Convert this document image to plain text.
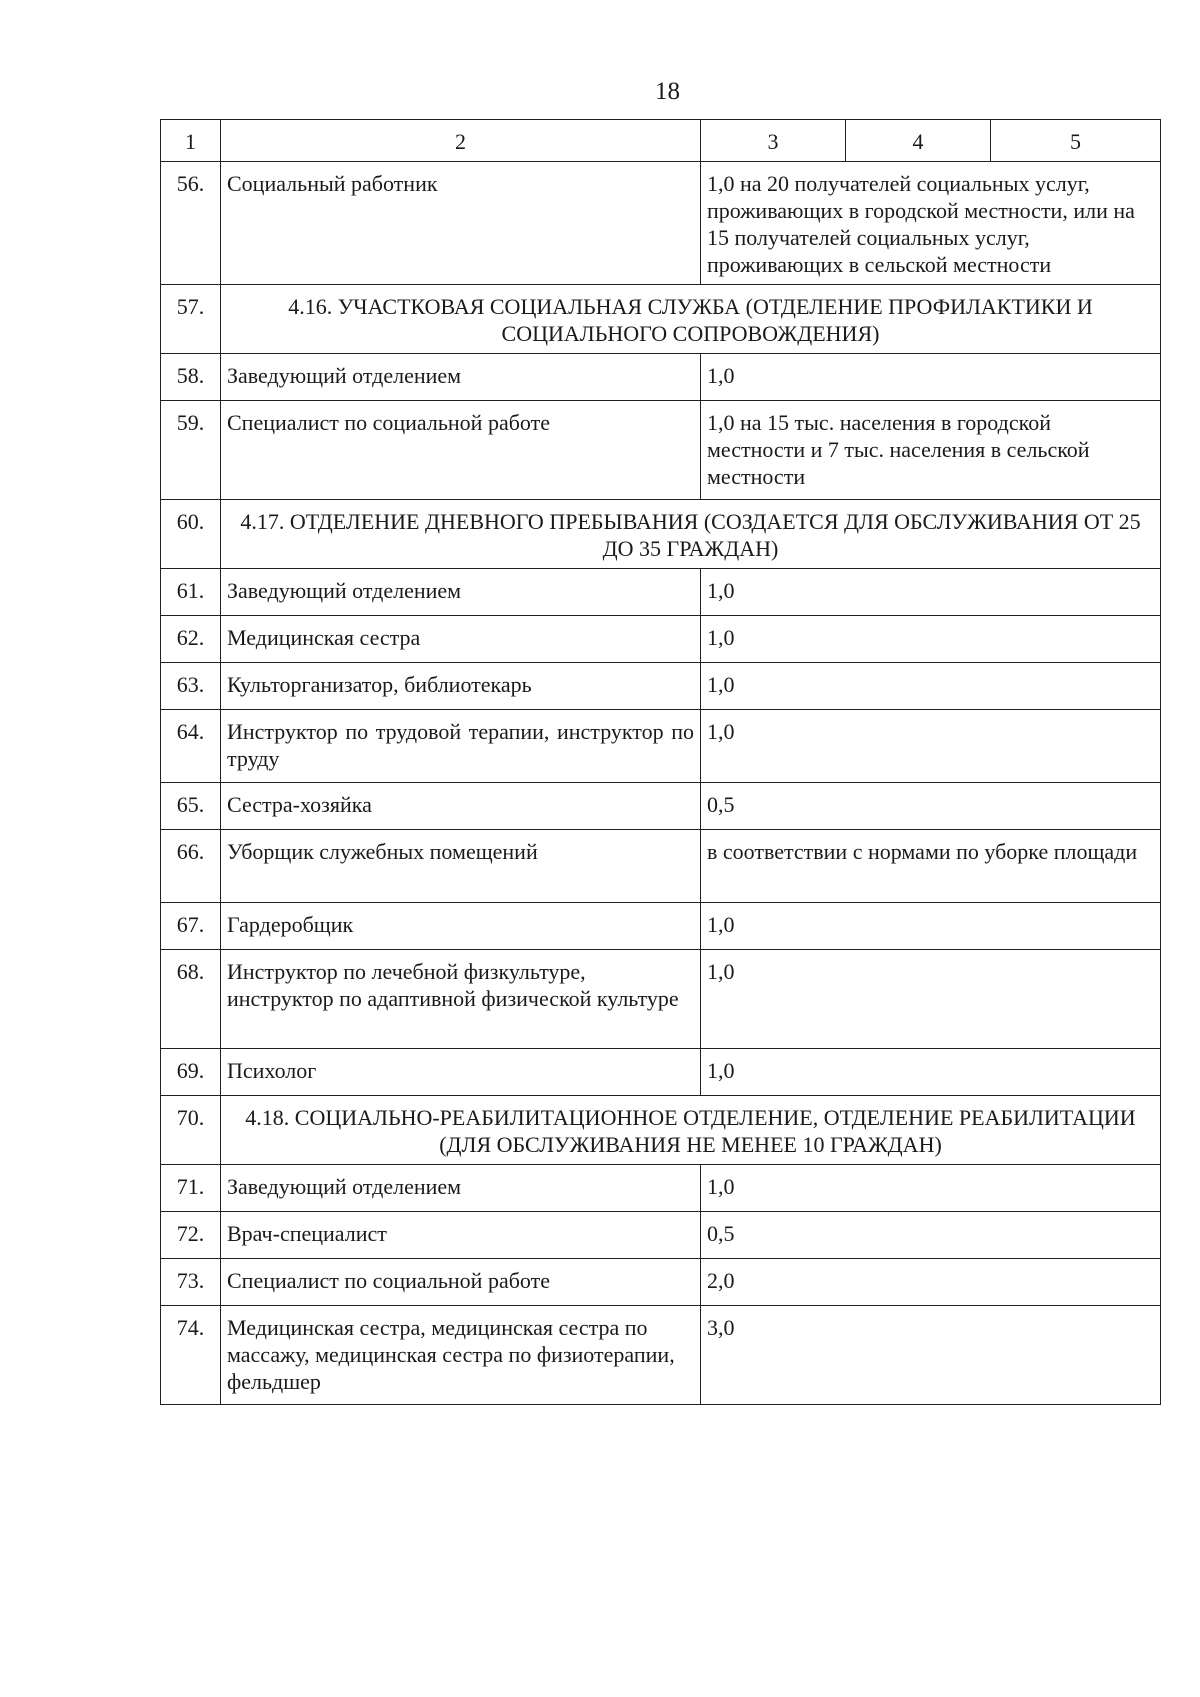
18
1	2	3	4	5
56.	Социальный работник	1,0 на 20 получателей социальных услуг, проживающих в городской местности, или на 15 получателей социальных услуг, проживающих в сельской местности		
57.	4.16. УЧАСТКОВАЯ СОЦИАЛЬНАЯ СЛУЖБА (ОТДЕЛЕНИЕ ПРОФИЛАКТИКИ И СОЦИАЛЬНОГО СОПРОВОЖДЕНИЯ)			
58.	Заведующий отделением	1,0		
59.	Специалист по социальной работе	1,0 на 15 тыс. населения в городской местности и 7 тыс. населения в сельской местности		
60.	4.17. ОТДЕЛЕНИЕ ДНЕВНОГО ПРЕБЫВАНИЯ (СОЗДАЕТСЯ ДЛЯ ОБСЛУЖИВАНИЯ ОТ 25 ДО 35 ГРАЖДАН)			
61.	Заведующий отделением	1,0		
62.	Медицинская сестра	1,0		
63.	Культорганизатор, библиотекарь	1,0		
64.	Инструктор по трудовой терапии, инструктор по труду	1,0		
65.	Сестра-хозяйка	0,5		
66.	Уборщик служебных помещений	в соответствии с нормами по уборке площади		
67.	Гардеробщик	1,0		
68.	Инструктор по лечебной физкультуре, инструктор по адаптивной физической культуре	1,0		
69.	Психолог	1,0		
70.	4.18. СОЦИАЛЬНО-РЕАБИЛИТАЦИОННОЕ ОТДЕЛЕНИЕ, ОТДЕЛЕНИЕ РЕАБИЛИТАЦИИ (ДЛЯ ОБСЛУЖИВАНИЯ НЕ МЕНЕЕ 10 ГРАЖДАН)			
71.	Заведующий отделением	1,0		
72.	Врач-специалист	0,5		
73.	Специалист по социальной работе	2,0		
74.	Медицинская сестра, медицинская сестра по массажу, медицинская сестра по физиотерапии, фельдшер	3,0		
